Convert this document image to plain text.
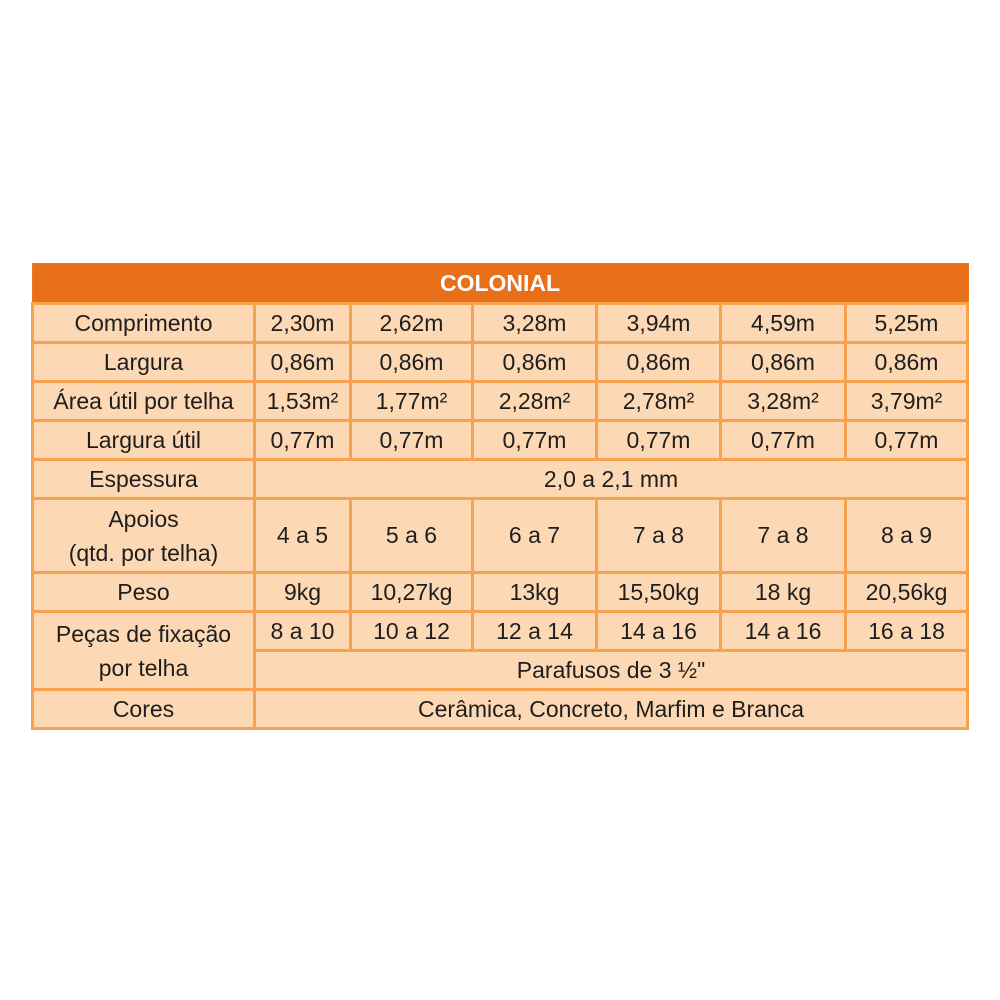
COLONIAL						
Comprimento	2,30m	2,62m	3,28m	3,94m	4,59m	5,25m
Largura	0,86m	0,86m	0,86m	0,86m	0,86m	0,86m
Área útil por telha	1,53m²	1,77m²	2,28m²	2,78m²	3,28m²	3,79m²
Largura útil	0,77m	0,77m	0,77m	0,77m	0,77m	0,77m
Espessura	2,0 a 2,1 mm					
Apoios
(qtd. por telha)	4 a 5	5 a 6	6 a 7	7 a 8	7 a 8	8 a 9
Peso	9kg	10,27kg	13kg	15,50kg	18 kg	20,56kg
Peças de fixação
por telha	8 a 10	10 a 12	12 a 14	14 a 16	14 a 16	16 a 18
	Parafusos de 3 ½"					
Cores	Cerâmica, Concreto, Marfim e Branca					
